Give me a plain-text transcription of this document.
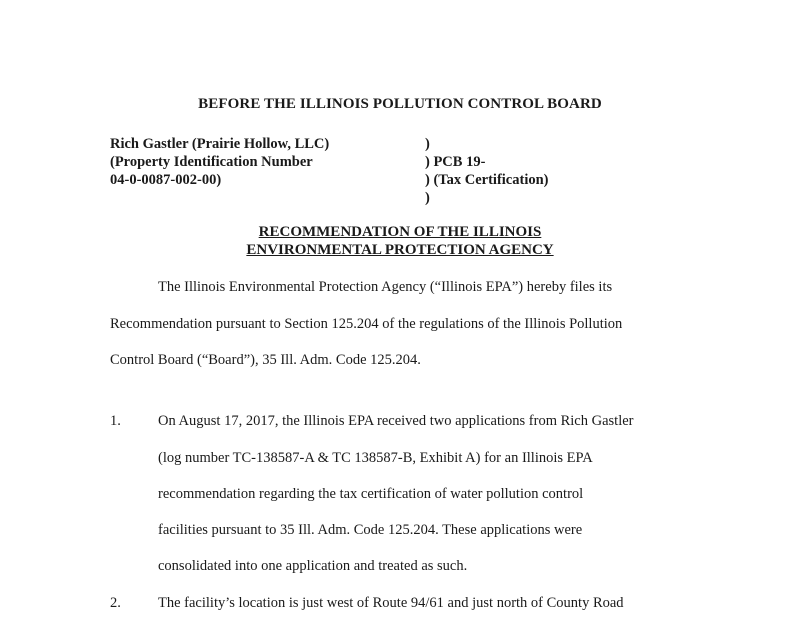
BEFORE THE ILLINOIS POLLUTION CONTROL BOARD
Rich Gastler (Prairie Hollow, LLC)
(Property Identification Number
04-0-0087-002-00)
)
) PCB 19-
) (Tax Certification)
)
RECOMMENDATION OF THE ILLINOIS
ENVIRONMENTAL PROTECTION AGENCY
The Illinois Environmental Protection Agency (“Illinois EPA”) hereby files its
Recommendation pursuant to Section 125.204 of the regulations of the Illinois Pollution
Control Board (“Board”), 35 Ill. Adm. Code 125.204.
1.	On August 17, 2017, the Illinois EPA received two applications from Rich Gastler
(log number TC-138587-A & TC 138587-B, Exhibit A) for an Illinois EPA
recommendation regarding the tax certification of water pollution control
facilities pursuant to 35 Ill. Adm. Code 125.204. These applications were
consolidated into one application and treated as such.
2.	The facility’s location is just west of Route 94/61 and just north of County Road
